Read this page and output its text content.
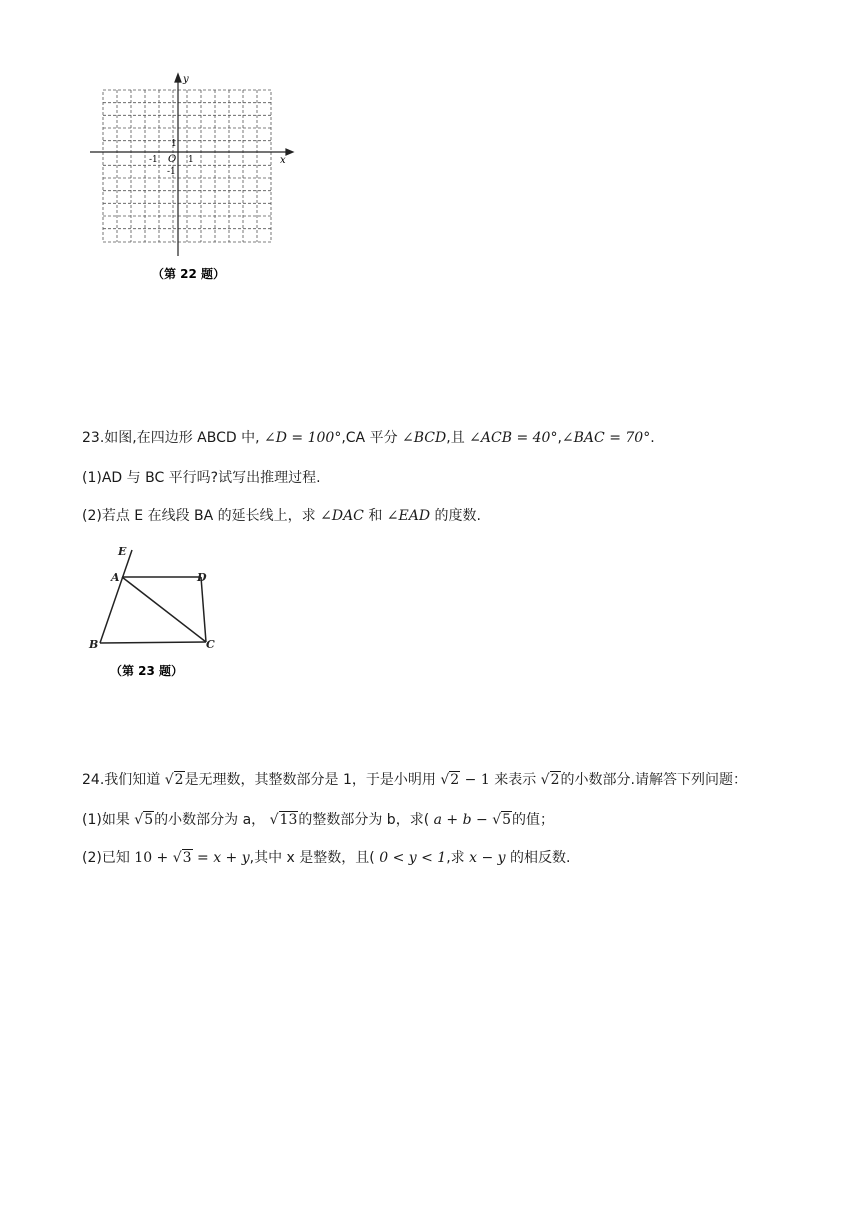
x
y
O 1
1
-1
-1
（第 22 题）
23.如图,在四边形 ABCD 中, ∠D = 100°,CA 平分 ∠BCD,且 ∠ACB = 40°,∠BAC = 70°.
(1)AD 与 BC 平行吗?试写出推理过程.
(2)若点 E 在线段 BA 的延长线上，求 ∠DAC 和 ∠EAD 的度数.
E
A	D
B	C
（第 23 题）
24.我们知道 √2是无理数，其整数部分是 1，于是小明用 √2 − 1 来表示 √2的小数部分.请解答下列问题：
(1)如果 √5的小数部分为 a， √13的整数部分为 b，求( a + b − √5的值；
(2)已知 10 + √3 = x + y,其中 x 是整数，且( 0 < y < 1,求 x − y 的相反数.
